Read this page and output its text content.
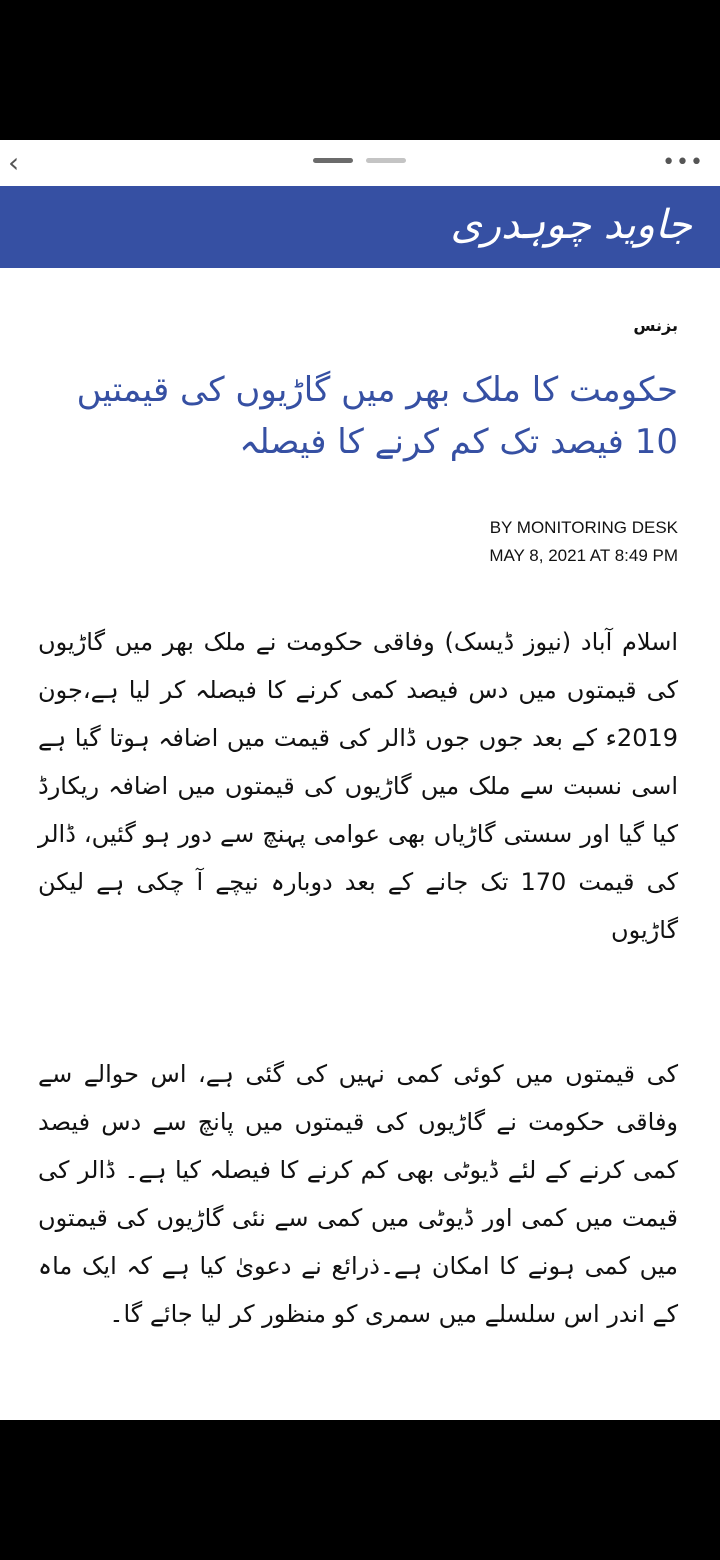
‹	•••
جاوید چوہدری
بزنس
حکومت کا ملک بھر میں گاڑیوں کی قیمتیں 10 فیصد تک کم کرنے کا فیصلہ
BY MONITORING DESK
MAY 8, 2021 AT 8:49 PM

اسلام آباد (نیوز ڈیسک) وفاقی حکومت نے ملک بھر میں گاڑیوں کی قیمتوں میں دس فیصد کمی کرنے کا فیصلہ کر لیا ہے،جون 2019ء کے بعد جوں جوں ڈالر کی قیمت میں اضافہ ہوتا گیا ہے اسی نسبت سے ملک میں گاڑیوں کی قیمتوں میں اضافہ ریکارڈ کیا گیا اور سستی گاڑیاں بھی عوامی پہنچ سے دور ہو گئیں، ڈالر کی قیمت 170 تک جانے کے بعد دوبارہ نیچے آ چکی ہے لیکن گاڑیوں

کی قیمتوں میں کوئی کمی نہیں کی گئی ہے، اس حوالے سے وفاقی حکومت نے گاڑیوں کی قیمتوں میں پانچ سے دس فیصد کمی کرنے کے لئے ڈیوٹی بھی کم کرنے کا فیصلہ کیا ہے۔ ڈالر کی قیمت میں کمی اور ڈیوٹی میں کمی سے نئی گاڑیوں کی قیمتوں میں کمی ہونے کا امکان ہے۔ذرائع نے دعویٰ کیا ہے کہ ایک ماہ کے اندر اس سلسلے میں سمری کو منظور کر لیا جائے گا۔
